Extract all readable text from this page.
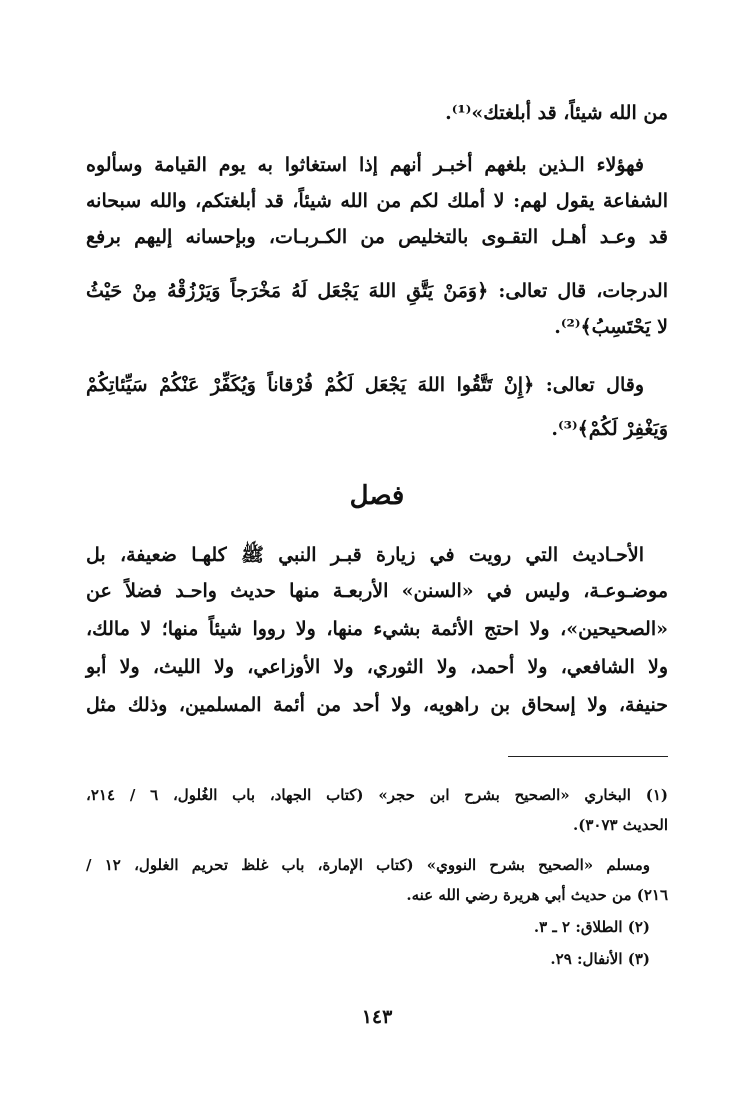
من الله شيئاً، قد أبلغتك»⁽¹⁾.
فهؤلاء الـذين بلغهم أخبـر أنهم إذا استغاثوا به يوم القيامة وسألوه
الشفاعة يقول لهم: لا أملك لكم من الله شيئاً، قد أبلغتكم، والله سبحانه
قد وعـد أهـل التقـوى بالتخليص من الكـربـات، وبإحسانه إليهم برفع
الدرجات، قال تعالى: ﴿وَمَنْ يَتَّقِ اللهَ يَجْعَل لَهُ مَخْرَجاً وَيَرْزُقْهُ مِنْ حَيْثُ
لا يَحْتَسِبُ﴾⁽²⁾.
وقال تعالى: ﴿إِنْ تَتَّقُوا اللهَ يَجْعَل لَكُمْ فُرْقاناً وَيُكَفِّرْ عَنْكُمْ سَيِّئاتِكُمْ
وَيَغْفِرْ لَكُمْ﴾⁽³⁾.
فصل
الأحـاديث التي رويت في زيارة قبـر النبي ﷺ كلهـا ضعيفة، بل
موضـوعـة، وليس في «السنن» الأربعـة منها حديث واحـد فضلاً عن
«الصحيحين»، ولا احتج الأئمة بشيء منها، ولا رووا شيئاً منها؛ لا مالك،
ولا الشافعي، ولا أحمد، ولا الثوري، ولا الأوزاعي، ولا الليث، ولا أبو
حنيفة، ولا إسحاق بن راهويه، ولا أحد من أئمة المسلمين، وذلك مثل
(١) البخاري «الصحيح بشرح ابن حجر» (كتاب الجهاد، باب الغُلول، ٦ / ٢١٤،
الحديث ٣٠٧٣).
ومسلم «الصحيح بشرح النووي» (كتاب الإمارة، باب غلظ تحريم الغلول، ١٢ /
٢١٦) من حديث أبي هريرة رضي الله عنه.
(٢) الطلاق: ٢ ـ ٣.
(٣) الأنفال: ٢٩.
١٤٣
